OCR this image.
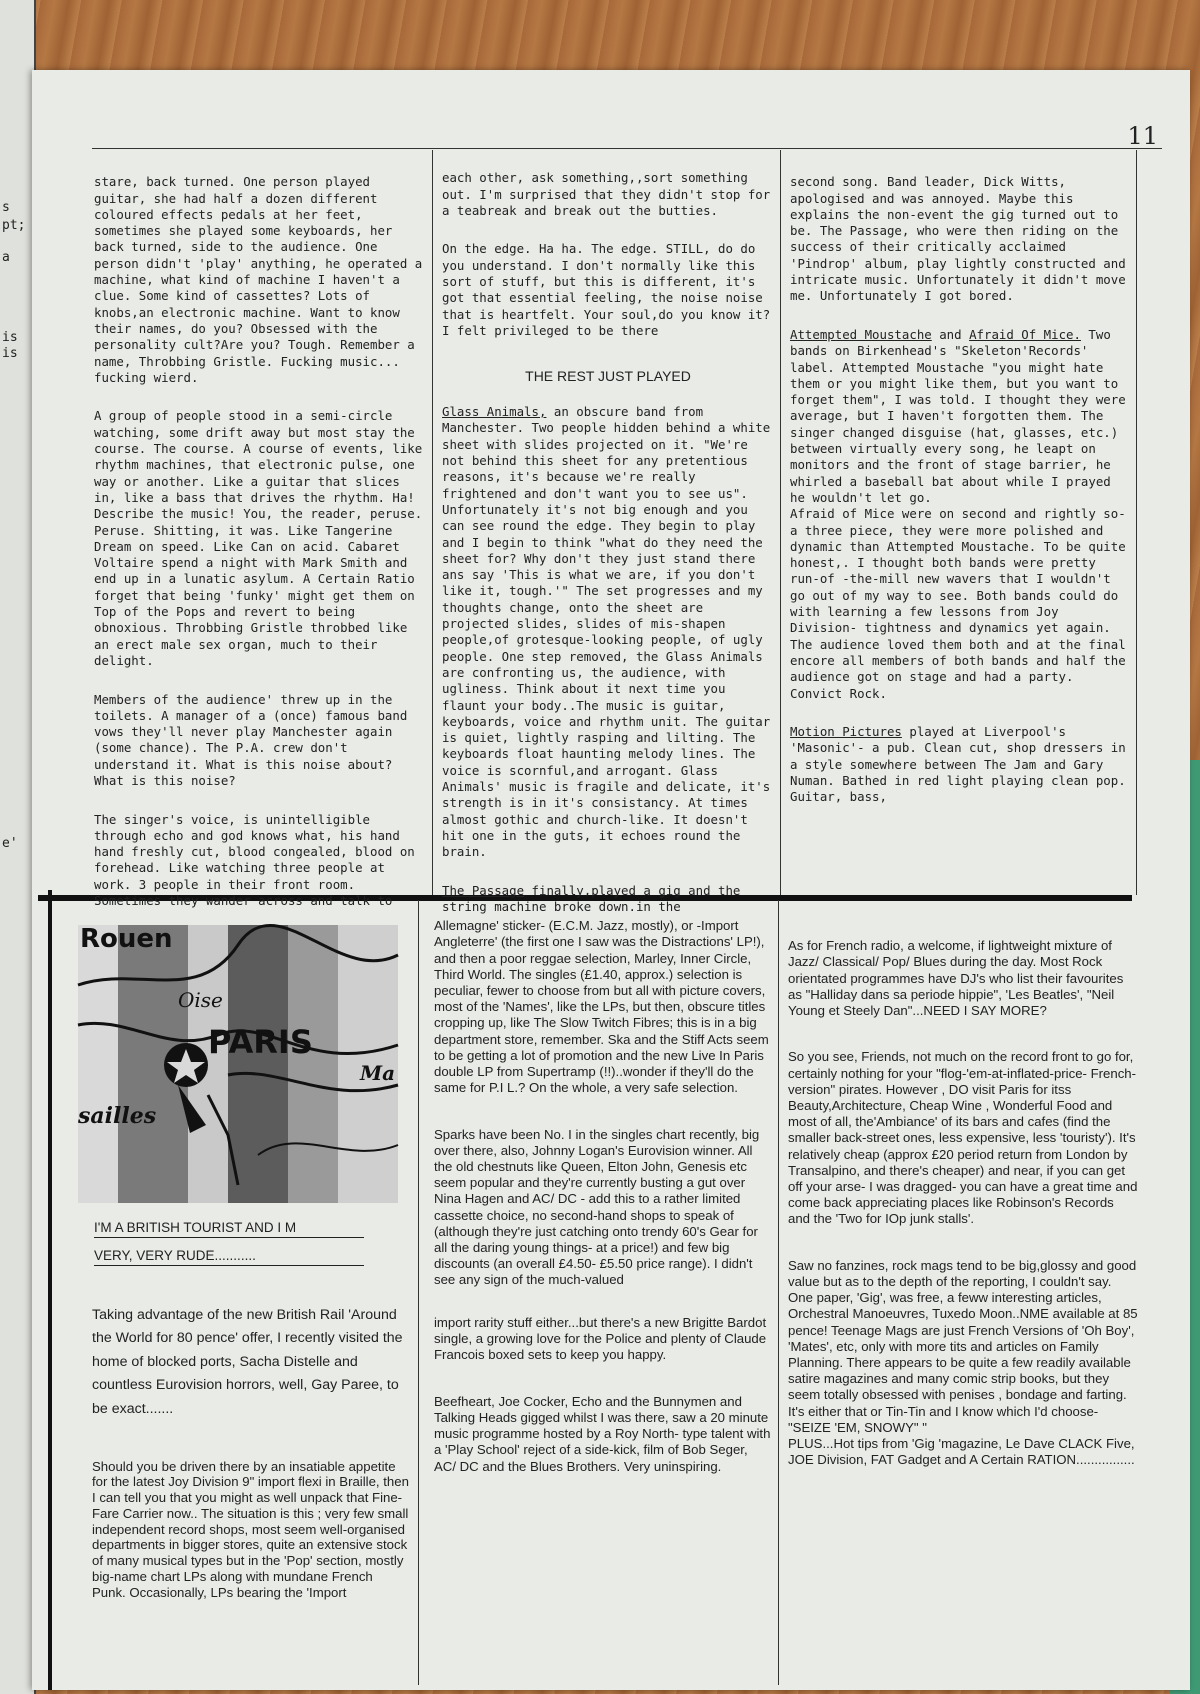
s
pt;
a
is
is
e'
11

stare, back turned. One person played guitar, she had half a dozen different coloured effects pedals at her feet, sometimes she played some keyboards, her back turned, side to the audience. One person didn't 'play' anything, he operated a machine, what kind of machine I haven't a clue. Some kind of cassettes? Lots of knobs,an electronic machine. Want to know their names, do you? Obsessed with the personality cult?Are you? Tough. Remember a name, Throbbing Gristle. Fucking music... fucking wierd.

A group of people stood in a semi-circle watching, some drift away but most stay the course. The course. A course of events, like rhythm machines, that electronic pulse, one way or another. Like a guitar that slices in, like a bass that drives the rhythm. Ha! Describe the music! You, the reader, peruse. Peruse. Shitting, it was. Like Tangerine Dream on speed. Like Can on acid. Cabaret Voltaire spend a night with Mark Smith and end up in a lunatic asylum. A Certain Ratio forget that being 'funky' might get them on Top of the Pops and revert to being obnoxious. Throbbing Gristle throbbed like an erect male sex organ, much to their delight.

Members of the audience' threw up in the toilets. A manager of a (once) famous band vows they'll never play Manchester again (some chance). The P.A. crew don't understand it. What is this noise about? What is this noise?

The singer's voice, is unintelligible through echo and god knows what, his hand hand freshly cut, blood congealed, blood on forehead. Like watching three people at work. 3 people in their front room. Sometimes they wander across and talk to

each other, ask something,,sort something out. I'm surprised that they didn't stop for a teabreak and break out the butties.

On the edge. Ha ha. The edge. STILL, do do you understand. I don't normally like this sort of stuff, but this is different, it's got that essential feeling, the noise noise that is heartfelt. Your soul,do you know it? I felt privileged to be there

THE REST JUST PLAYED

Glass Animals, an obscure band from Manchester. Two people hidden behind a white sheet with slides projected on it. "We're not behind this sheet for any pretentious reasons, it's because we're really frightened and don't want you to see us". Unfortunately it's not big enough and you can see round the edge. They begin to play and I begin to think "what do they need the sheet for? Why don't they just stand there ans say 'This is what we are, if you don't like it, tough.'" The set progresses and my thoughts change, onto the sheet are projected slides, slides of mis-shapen people,of grotesque-looking people, of ugly people. One step removed, the Glass Animals are confronting us, the audience, with ugliness. Think about it next time you flaunt your body..The music is guitar, keyboards, voice and rhythm unit. The guitar is quiet, lightly rasping and lilting. The keyboards float haunting melody lines. The voice is scornful,and arrogant. Glass Animals' music is fragile and delicate, it's strength is in it's consistancy. At times almost gothic and church-like. It doesn't hit one in the guts, it echoes round the brain.

The Passage finally,played a gig and the string machine broke down.in the

second song. Band leader, Dick Witts, apologised and was annoyed. Maybe this explains the non-event the gig turned out to be. The Passage, who were then riding on the success of their critically acclaimed 'Pindrop' album, play lightly constructed and intricate music. Unfortunately it didn't move me. Unfortunately I got bored.

Attempted Moustache and Afraid Of Mice. Two bands on Birkenhead's "Skeleton'Records' label. Attempted Moustache "you might hate them or you might like them, but you want to forget them", I was told. I thought they were average, but I haven't forgotten them. The singer changed disguise (hat, glasses, etc.) between virtually every song, he leapt on monitors and the front of stage barrier, he whirled a baseball bat about while I prayed he wouldn't let go.
Afraid of Mice were on second and rightly so- a three piece, they were more polished and dynamic than Attempted Moustache. To be quite honest,. I thought both bands were pretty run-of -the-mill new wavers that I wouldn't go out of my way to see. Both bands could do with learning a few lessons from Joy Division- tightness and dynamics yet again. The audience loved them both and at the final encore all members of both bands and half the audience got on stage and had a party. Convict Rock.

Motion Pictures played at Liverpool's 'Masonic'- a pub. Clean cut, shop dressers in a style somewhere between The Jam and Gary Numan. Bathed in red light playing clean pop. Guitar, bass,

Rouen
Oise
PARIS
Ma
sailles
I'M A BRITISH TOURIST AND I M
VERY, VERY RUDE...........

Taking advantage of the new British Rail 'Around the World for 80 pence' offer, I recently visited the home of blocked ports, Sacha Distelle and countless Eurovision horrors, well, Gay Paree, to be exact.......

Should you be driven there by an insatiable appetite for the latest Joy Division 9" import flexi in Braille, then I can tell you that you might as well unpack that Fine-Fare Carrier now.. The situation is this ; very few small independent record shops, most seem well-organised departments in bigger stores, quite an extensive stock of many musical types but in the 'Pop' section, mostly big-name chart LPs along with mundane French Punk. Occasionally, LPs bearing the 'Import

Allemagne' sticker- (E.C.M. Jazz, mostly), or -Import Angleterre' (the first one I saw was the Distractions' LP!), and then a poor reggae selection, Marley, Inner Circle, Third World. The singles (£1.40, approx.) selection is peculiar, fewer to choose from but all with picture covers, most of the 'Names', like the LPs, but then, obscure titles cropping up, like The Slow Twitch Fibres; this is in a big department store, remember. Ska and the Stiff Acts seem to be getting a lot of promotion and the new Live In Paris double LP from Supertramp (!!)..wonder if they'll do the same for P.I L.? On the whole, a very safe selection.

Sparks have been No. I in the singles chart recently, big over there, also, Johnny Logan's Eurovision winner. All the old chestnuts like Queen, Elton John, Genesis etc seem popular and they're currently busting a gut over Nina Hagen and AC/ DC - add this to a rather limited cassette choice, no second-hand shops to speak of (although they're just catching onto trendy 60's Gear for all the daring young things- at a price!) and few big discounts (an overall £4.50- £5.50 price range). I didn't see any sign of the much-valued

import rarity stuff either...but there's a new Brigitte Bardot single, a growing love for the Police and plenty of Claude Francois boxed sets to keep you happy.

Beefheart, Joe Cocker, Echo and the Bunnymen and Talking Heads gigged whilst I was there, saw a 20 minute music programme hosted by a Roy North- type talent with a 'Play School' reject of a side-kick, film of Bob Seger, AC/ DC and the Blues Brothers. Very uninspiring.

As for French radio, a welcome, if lightweight mixture of Jazz/ Classical/ Pop/ Blues during the day. Most Rock orientated programmes have DJ's who list their favourites as "Halliday dans sa periode hippie", 'Les Beatles', "Neil Young et Steely Dan"...NEED I SAY MORE?

So you see, Friends, not much on the record front to go for, certainly nothing for your "flog-'em-at-inflated-price- French-version" pirates. However , DO visit Paris for itss Beauty,Architecture, Cheap Wine , Wonderful Food and most of all, the'Ambiance' of its bars and cafes (find the smaller back-street ones, less expensive, less 'touristy'). It's relatively cheap (approx £20 period return from London by Transalpino, and there's cheaper) and near, if you can get off your arse- I was dragged- you can have a great time and come back appreciating places like Robinson's Records and the 'Two for IOp junk stalls'.

Saw no fanzines, rock mags tend to be big,glossy and good value but as to the depth of the reporting, I couldn't say. One paper, 'Gig', was free, a feww interesting articles, Orchestral Manoeuvres, Tuxedo Moon..NME available at 85 pence! Teenage Mags are just French Versions of 'Oh Boy', 'Mates', etc, only with more tits and articles on Family Planning. There appears to be quite a few readily available satire magazines and many comic strip books, but they seem totally obsessed with penises , bondage and farting. It's either that or Tin-Tin and I know which I'd choose-
"SEIZE 'EM, SNOWY" "
PLUS...Hot tips from 'Gig 'magazine, Le Dave CLACK Five, JOE Division, FAT Gadget and A Certain RATION................
